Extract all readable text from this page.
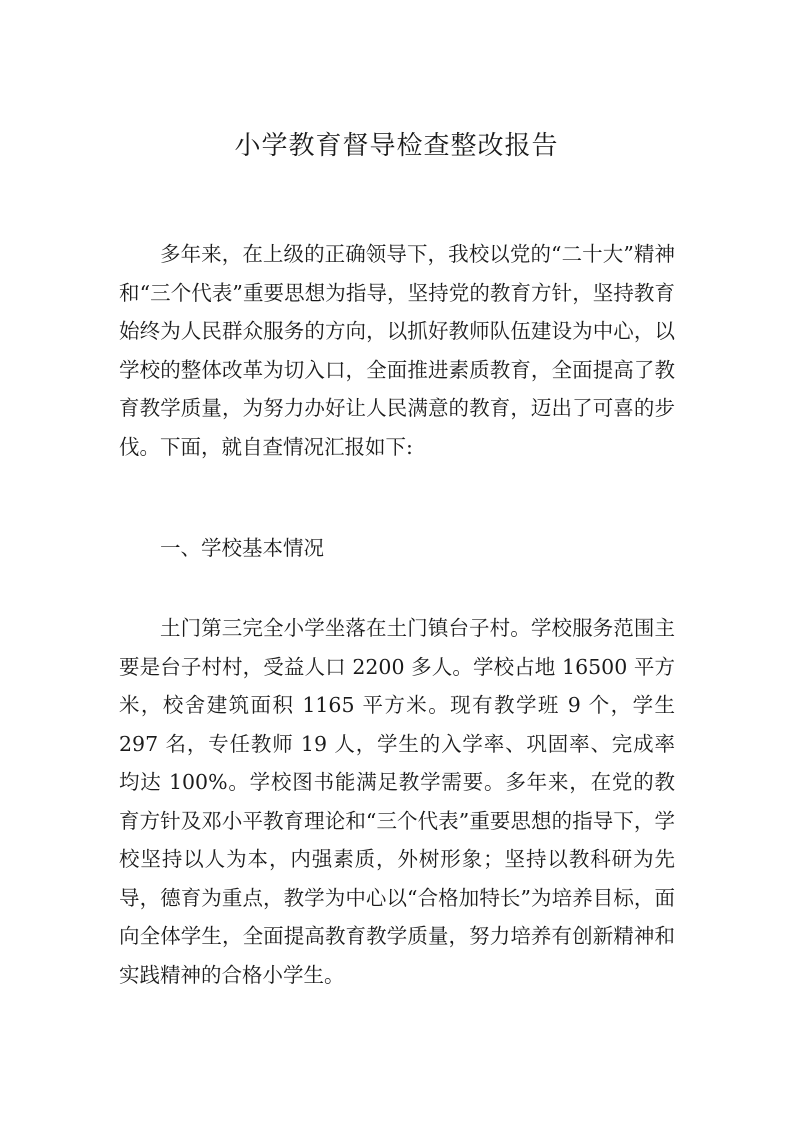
小学教育督导检查整改报告

多年来，在上级的正确领导下，我校以党的“二十大”精神和“三个代表”重要思想为指导，坚持党的教育方针，坚持教育始终为人民群众服务的方向，以抓好教师队伍建设为中心，以学校的整体改革为切入口，全面推进素质教育，全面提高了教育教学质量，为努力办好让人民满意的教育，迈出了可喜的步伐。下面，就自查情况汇报如下:

一、学校基本情况

土门第三完全小学坐落在土门镇台子村。学校服务范围主要是台子村村，受益人口 2200 多人。学校占地 16500 平方米，校舍建筑面积 1165 平方米。现有教学班 9 个，学生 297 名，专任教师 19 人，学生的入学率、巩固率、完成率均达 100%。学校图书能满足教学需要。多年来，在党的教育方针及邓小平教育理论和“三个代表”重要思想的指导下，学校坚持以人为本，内强素质，外树形象；坚持以教科研为先导，德育为重点，教学为中心以“合格加特长”为培养目标，面向全体学生，全面提高教育教学质量，努力培养有创新精神和实践精神的合格小学生。
